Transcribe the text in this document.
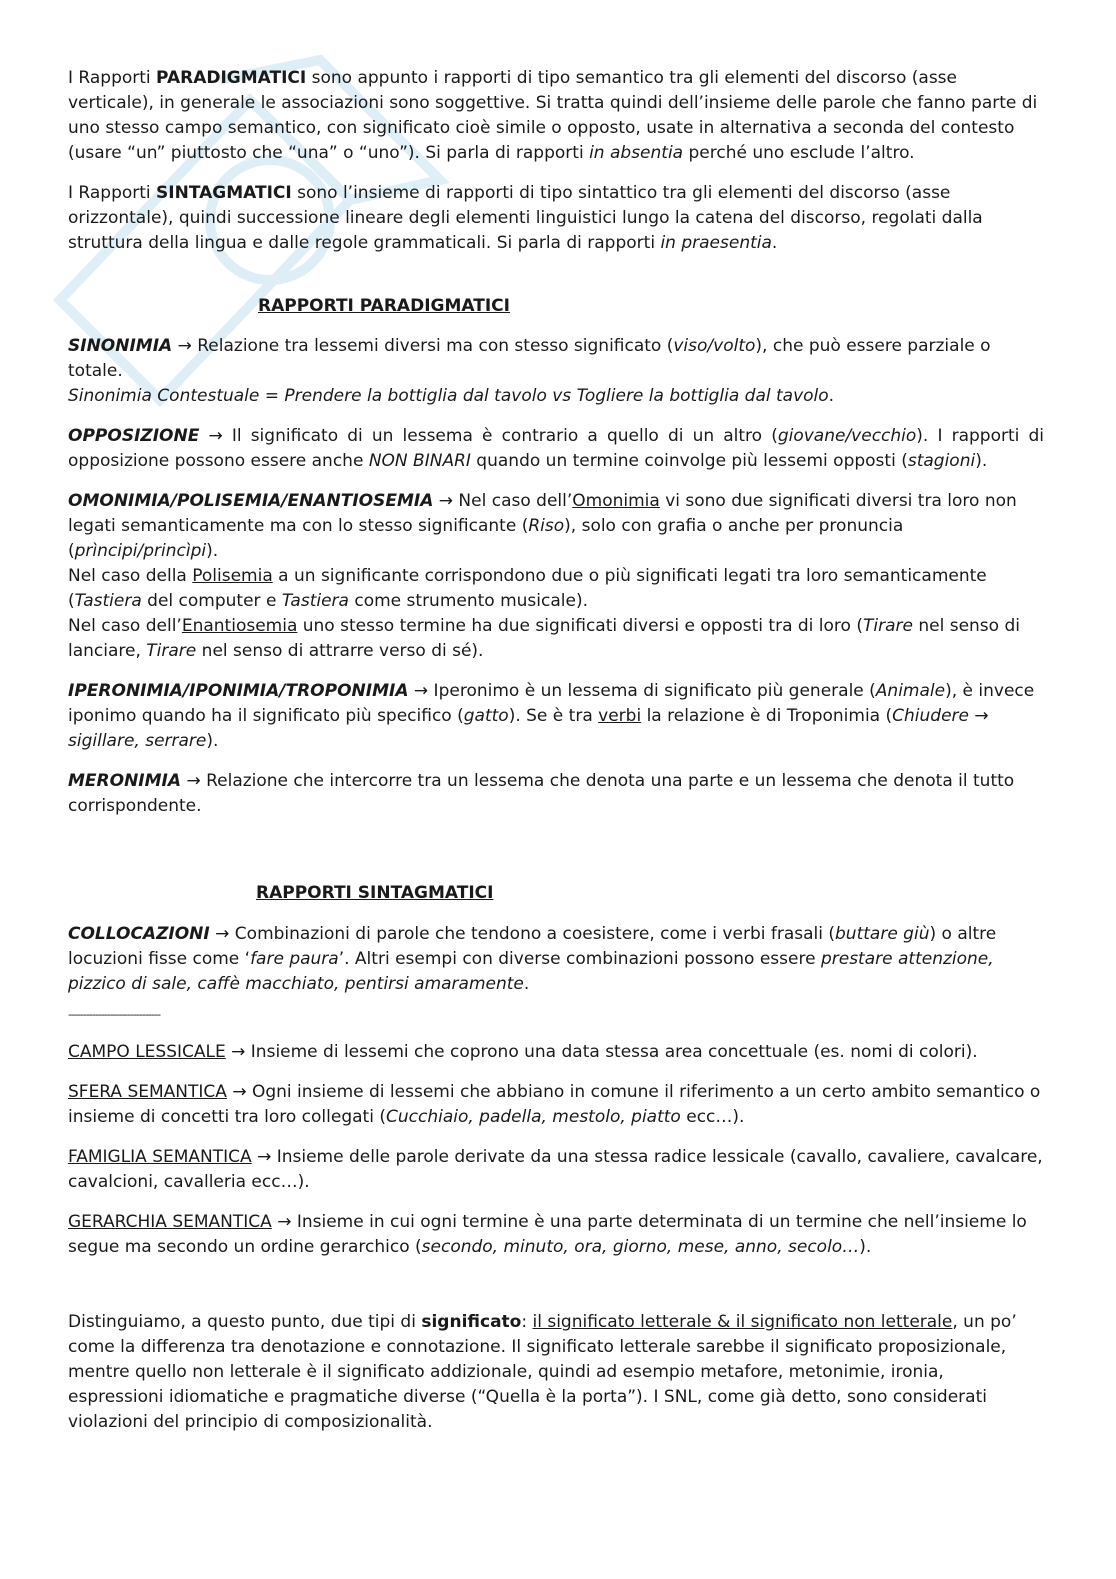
I Rapporti PARADIGMATICI sono appunto i rapporti di tipo semantico tra gli elementi del discorso (asse verticale), in generale le associazioni sono soggettive. Si tratta quindi dell’insieme delle parole che fanno parte di uno stesso campo semantico, con significato cioè simile o opposto, usate in alternativa a seconda del contesto (usare “un” piuttosto che “una” o “uno”). Si parla di rapporti in absentia perché uno esclude l’altro.

I Rapporti SINTAGMATICI sono l’insieme di rapporti di tipo sintattico tra gli elementi del discorso (asse orizzontale), quindi successione lineare degli elementi linguistici lungo la catena del discorso, regolati dalla struttura della lingua e dalle regole grammaticali. Si parla di rapporti in praesentia.

RAPPORTI PARADIGMATICI

SINONIMIA → Relazione tra lessemi diversi ma con stesso significato (viso/volto), che può essere parziale o totale.
Sinonimia Contestuale = Prendere la bottiglia dal tavolo vs Togliere la bottiglia dal tavolo.

OPPOSIZIONE → Il significato di un lessema è contrario a quello di un altro (giovane/vecchio). I rapporti di opposizione possono essere anche NON BINARI quando un termine coinvolge più lessemi opposti (stagioni).

OMONIMIA/POLISEMIA/ENANTIOSEMIA → Nel caso dell’Omonimia vi sono due significati diversi tra loro non legati semanticamente ma con lo stesso significante (Riso), solo con grafia o anche per pronuncia (prìncipi/princìpi).
Nel caso della Polisemia a un significante corrispondono due o più significati legati tra loro semanticamente (Tastiera del computer e Tastiera come strumento musicale).
Nel caso dell’Enantiosemia uno stesso termine ha due significati diversi e opposti tra di loro (Tirare nel senso di lanciare, Tirare nel senso di attrarre verso di sé).

IPERONIMIA/IPONIMIA/TROPONIMIA → Iperonimo è un lessema di significato più generale (Animale), è invece iponimo quando ha il significato più specifico (gatto). Se è tra verbi la relazione è di Troponimia (Chiudere → sigillare, serrare).

MERONIMIA → Relazione che intercorre tra un lessema che denota una parte e un lessema che denota il tutto corrispondente.

RAPPORTI SINTAGMATICI

COLLOCAZIONI → Combinazioni di parole che tendono a coesistere, come i verbi frasali (buttare giù) o altre locuzioni fisse come ‘fare paura’. Altri esempi con diverse combinazioni possono essere prestare attenzione, pizzico di sale, caffè macchiato, pentirsi amaramente.

-------------------------------

CAMPO LESSICALE → Insieme di lessemi che coprono una data stessa area concettuale (es. nomi di colori).

SFERA SEMANTICA → Ogni insieme di lessemi che abbiano in comune il riferimento a un certo ambito semantico o insieme di concetti tra loro collegati (Cucchiaio, padella, mestolo, piatto ecc…).

FAMIGLIA SEMANTICA → Insieme delle parole derivate da una stessa radice lessicale (cavallo, cavaliere, cavalcare, cavalcioni, cavalleria ecc…).

GERARCHIA SEMANTICA → Insieme in cui ogni termine è una parte determinata di un termine che nell’insieme lo segue ma secondo un ordine gerarchico (secondo, minuto, ora, giorno, mese, anno, secolo…).

Distinguiamo, a questo punto, due tipi di significato: il significato letterale & il significato non letterale, un po’ come la differenza tra denotazione e connotazione. Il significato letterale sarebbe il significato proposizionale, mentre quello non letterale è il significato addizionale, quindi ad esempio metafore, metonimie, ironia, espressioni idiomatiche e pragmatiche diverse (“Quella è la porta”). I SNL, come già detto, sono considerati violazioni del principio di composizionalità.
